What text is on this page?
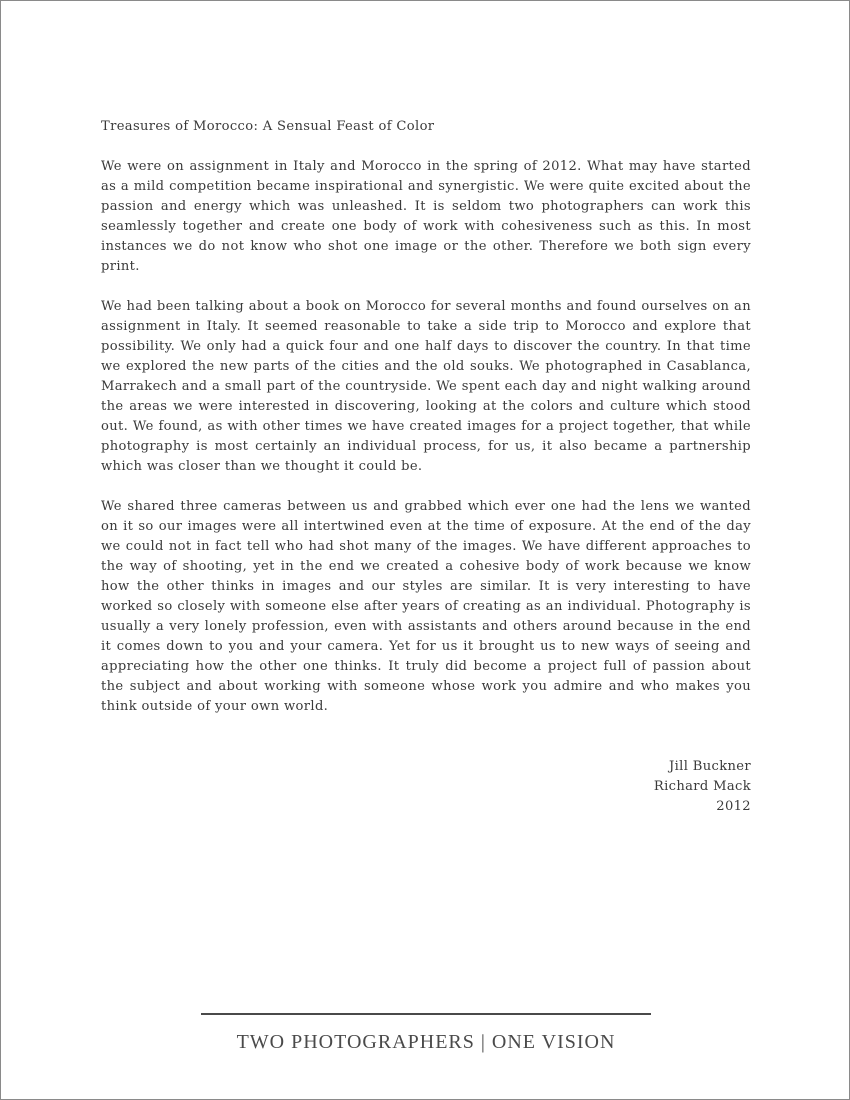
Treasures of Morocco: A Sensual Feast of Color

We were on assignment in Italy and Morocco in the spring of 2012. What may have started as a mild competition became inspirational and synergistic. We were quite excited about the passion and energy which was unleashed. It is seldom two photographers can work this seamlessly together and create one body of work with cohesiveness such as this. In most instances we do not know who shot one image or the other. Therefore we both sign every print.

We had been talking about a book on Morocco for several months and found ourselves on an assignment in Italy. It seemed reasonable to take a side trip to Morocco and explore that possibility. We only had a quick four and one half days to discover the country. In that time we explored the new parts of the cities and the old souks. We photographed in Casablanca, Marrakech and a small part of the countryside. We spent each day and night walking around the areas we were interested in discovering, looking at the colors and culture which stood out. We found, as with other times we have created images for a project together, that while photography is most certainly an individual process, for us, it also became a partnership which was closer than we thought it could be.

We shared three cameras between us and grabbed which ever one had the lens we wanted on it so our images were all intertwined even at the time of exposure. At the end of the day we could not in fact tell who had shot many of the images. We have different approaches to the way of shooting, yet in the end we created a cohesive body of work because we know how the other thinks in images and our styles are similar. It is very interesting to have worked so closely with someone else after years of creating as an individual. Photography is usually a very lonely profession, even with assistants and others around because in the end it comes down to you and your camera. Yet for us it brought us to new ways of seeing and appreciating how the other one thinks. It truly did become a project full of passion about the subject and about working with someone whose work you admire and who makes you think outside of your own world.

Jill Buckner
Richard Mack
2012
TWO PHOTOGRAPHERS | ONE VISION
